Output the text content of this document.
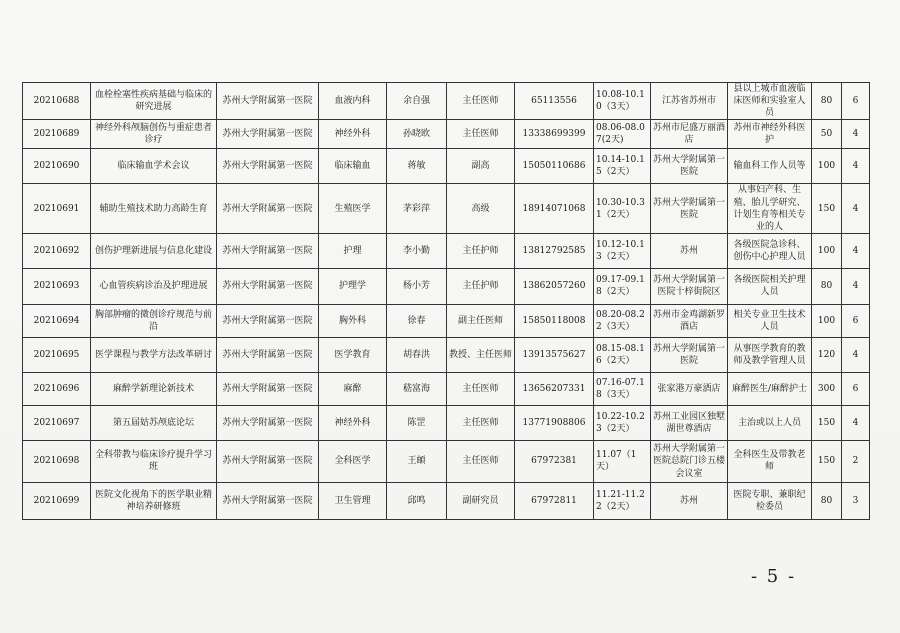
20210688	血栓栓塞性疾病基础与临床的研究进展	苏州大学附属第一医院	血液内科	余自强	主任医师	65113556	10.08-10.10（3天）	江苏省苏州市	县以上城市血液临床医师和实验室人员	80	6
20210689	神经外科颅脑创伤与重症患者诊疗	苏州大学附属第一医院	神经外科	孙晓欧	主任医师	13338699399	08.06-08.07(2天)	苏州市尼盛万丽酒店	苏州市神经外科医护	50	4
20210690	临床输血学术会议	苏州大学附属第一医院	临床输血	蒋敏	副高	15050110686	10.14-10.15（2天）	苏州大学附属第一医院	输血科工作人员等	100	4
20210691	辅助生殖技术助力高龄生育	苏州大学附属第一医院	生殖医学	茅彩萍	高级	18914071068	10.30-10.31（2天）	苏州大学附属第一医院	从事妇产科、生殖、胎儿学研究、计划生育等相关专业的人	150	4
20210692	创伤护理新进展与信息化建设	苏州大学附属第一医院	护理	李小勤	主任护师	13812792585	10.12-10.13（2天）	苏州	各级医院急诊科、创伤中心护理人员	100	4
20210693	心血管疾病诊治及护理进展	苏州大学附属第一医院	护理学	杨小芳	主任护师	13862057260	09.17-09.18（2天）	苏州大学附属第一医院十梓街院区	各级医院相关护理人员	80	4
20210694	胸部肿瘤的微创诊疗规范与前沿	苏州大学附属第一医院	胸外科	徐春	副主任医师	15850118008	08.20-08.22（3天）	苏州市金鸡湖新罗酒店	相关专业卫生技术人员	100	6
20210695	医学课程与教学方法改革研讨	苏州大学附属第一医院	医学教育	胡春洪	教授、主任医师	13913575627	08.15-08.16（2天）	苏州大学附属第一医院	从事医学教育的教师及教学管理人员	120	4
20210696	麻醉学新理论新技术	苏州大学附属第一医院	麻醉	嵇富海	主任医师	13656207331	07.16-07.18（3天）	张家港万豪酒店	麻醉医生/麻醉护士	300	6
20210697	第五届姑苏颅底论坛	苏州大学附属第一医院	神经外科	陈罡	主任医师	13771908806	10.22-10.23（2天）	苏州工业园区独墅湖世尊酒店	主治或以上人员	150	4
20210698	全科带教与临床诊疗提升学习班	苏州大学附属第一医院	全科医学	王頔	主任医师	67972381	11.07（1天）	苏州大学附属第一医院总院门诊五楼会议室	全科医生及带教老师	150	2
20210699	医院文化视角下的医学职业精神培养研修班	苏州大学附属第一医院	卫生管理	邱鸣	副研究员	67972811	11.21-11.22（2天）	苏州	医院专职、兼职纪检委员	80	3
- 5 -
